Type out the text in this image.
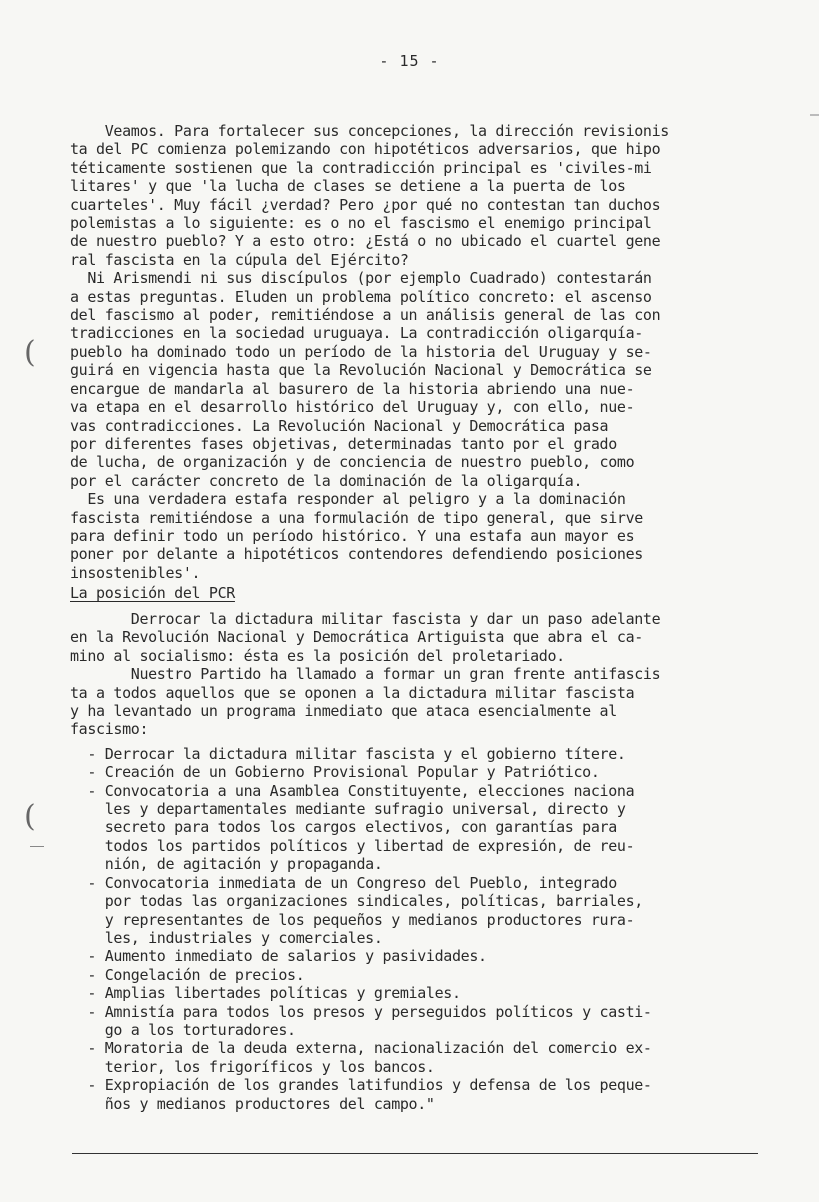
- 15 -
Veamos. Para fortalecer sus concepciones, la dirección revisionis
ta del PC comienza polemizando con hipotéticos adversarios, que hipo
téticamente sostienen que la contradicción principal es 'civiles-mi
litares' y que 'la lucha de clases se detiene a la puerta de los
cuarteles'. Muy fácil ¿verdad? Pero ¿por qué no contestan tan duchos
polemistas a lo siguiente: es o no el fascismo el enemigo principal
de nuestro pueblo? Y a esto otro: ¿Está o no ubicado el cuartel gene
ral fascista en la cúpula del Ejército?
Ni Arismendi ni sus discípulos (por ejemplo Cuadrado) contestarán
a estas preguntas. Eluden un problema político concreto: el ascenso
del fascismo al poder, remitiéndose a un análisis general de las con
tradicciones en la sociedad uruguaya. La contradicción oligarquía-
pueblo ha dominado todo un período de la historia del Uruguay y se-
guirá en vigencia hasta que la Revolución Nacional y Democrática se
encargue de mandarla al basurero de la historia abriendo una nue-
va etapa en el desarrollo histórico del Uruguay y, con ello, nue-
vas contradicciones. La Revolución Nacional y Democrática pasa
por diferentes fases objetivas, determinadas tanto por el grado
de lucha, de organización y de conciencia de nuestro pueblo, como
por el carácter concreto de la dominación de la oligarquía.
Es una verdadera estafa responder al peligro y a la dominación
fascista remitiéndose a una formulación de tipo general, que sirve
para definir todo un período histórico. Y una estafa aun mayor es
poner por delante a hipotéticos contendores defendiendo posiciones
insostenibles'.
La posición del PCR
Derrocar la dictadura militar fascista y dar un paso adelante
en la Revolución Nacional y Democrática Artiguista que abra el ca-
mino al socialismo: ésta es la posición del proletariado.
Nuestro Partido ha llamado a formar un gran frente antifascis
ta a todos aquellos que se oponen a la dictadura militar fascista
y ha levantado un programa inmediato que ataca esencialmente al
fascismo:
- Derrocar la dictadura militar fascista y el gobierno títere.
- Creación de un Gobierno Provisional Popular y Patriótico.
- Convocatoria a una Asamblea Constituyente, elecciones naciona
les y departamentales mediante sufragio universal, directo y
secreto para todos los cargos electivos, con garantías para
todos los partidos políticos y libertad de expresión, de reu-
nión, de agitación y propaganda.
- Convocatoria inmediata de un Congreso del Pueblo, integrado
por todas las organizaciones sindicales, políticas, barriales,
y representantes de los pequeños y medianos productores rura-
les, industriales y comerciales.
- Aumento inmediato de salarios y pasividades.
- Congelación de precios.
- Amplias libertades políticas y gremiales.
- Amnistía para todos los presos y perseguidos políticos y casti-
go a los torturadores.
- Moratoria de la deuda externa, nacionalización del comercio ex-
terior, los frigoríficos y los bancos.
- Expropiación de los grandes latifundios y defensa de los peque-
ños y medianos productores del campo."
(
(
